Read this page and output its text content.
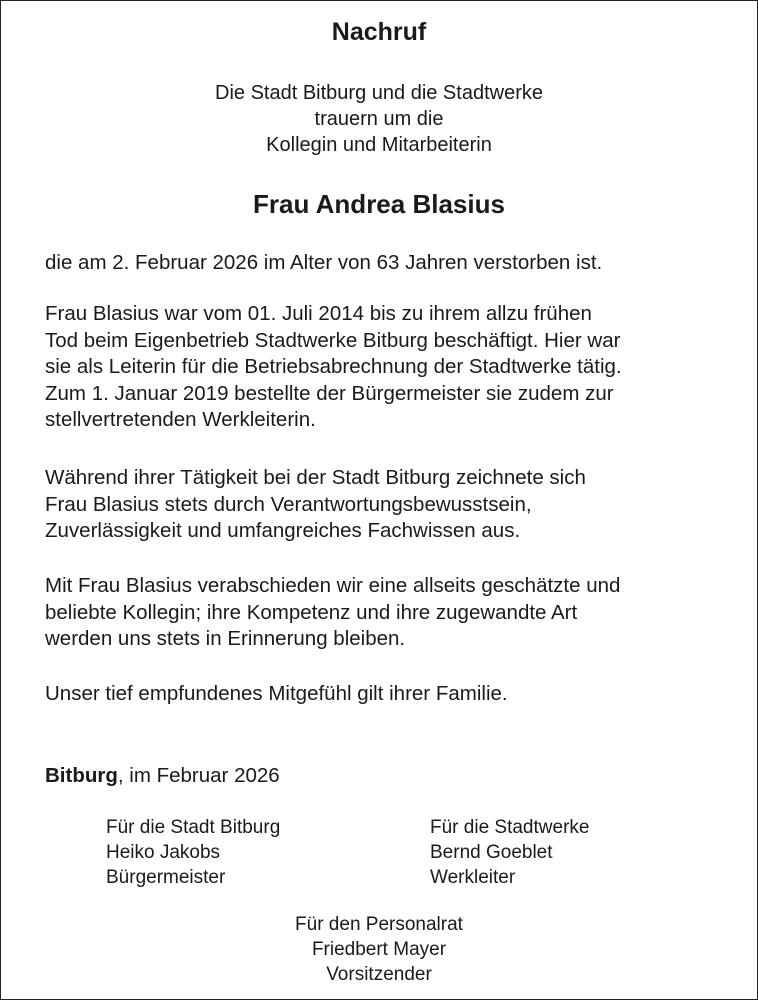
Nachruf
Die Stadt Bitburg und die Stadtwerke
trauern um die
Kollegin und Mitarbeiterin
Frau Andrea Blasius
die am 2. Februar 2026 im Alter von 63 Jahren verstorben ist.
Frau Blasius war vom 01. Juli 2014 bis zu ihrem allzu frühen
Tod beim Eigenbetrieb Stadtwerke Bitburg beschäftigt. Hier war
sie als Leiterin für die Betriebsabrechnung der Stadtwerke tätig.
Zum 1. Januar 2019 bestellte der Bürgermeister sie zudem zur
stellvertretenden Werkleiterin.
Während ihrer Tätigkeit bei der Stadt Bitburg zeichnete sich
Frau Blasius stets durch Verantwortungsbewusstsein,
Zuverlässigkeit und umfangreiches Fachwissen aus.
Mit Frau Blasius verabschieden wir eine allseits geschätzte und
beliebte Kollegin; ihre Kompetenz und ihre zugewandte Art
werden uns stets in Erinnerung bleiben.
Unser tief empfundenes Mitgefühl gilt ihrer Familie.
Bitburg, im Februar 2026
Für die Stadt Bitburg
Heiko Jakobs
Bürgermeister
Für die Stadtwerke
Bernd Goeblet
Werkleiter
Für den Personalrat
Friedbert Mayer
Vorsitzender
